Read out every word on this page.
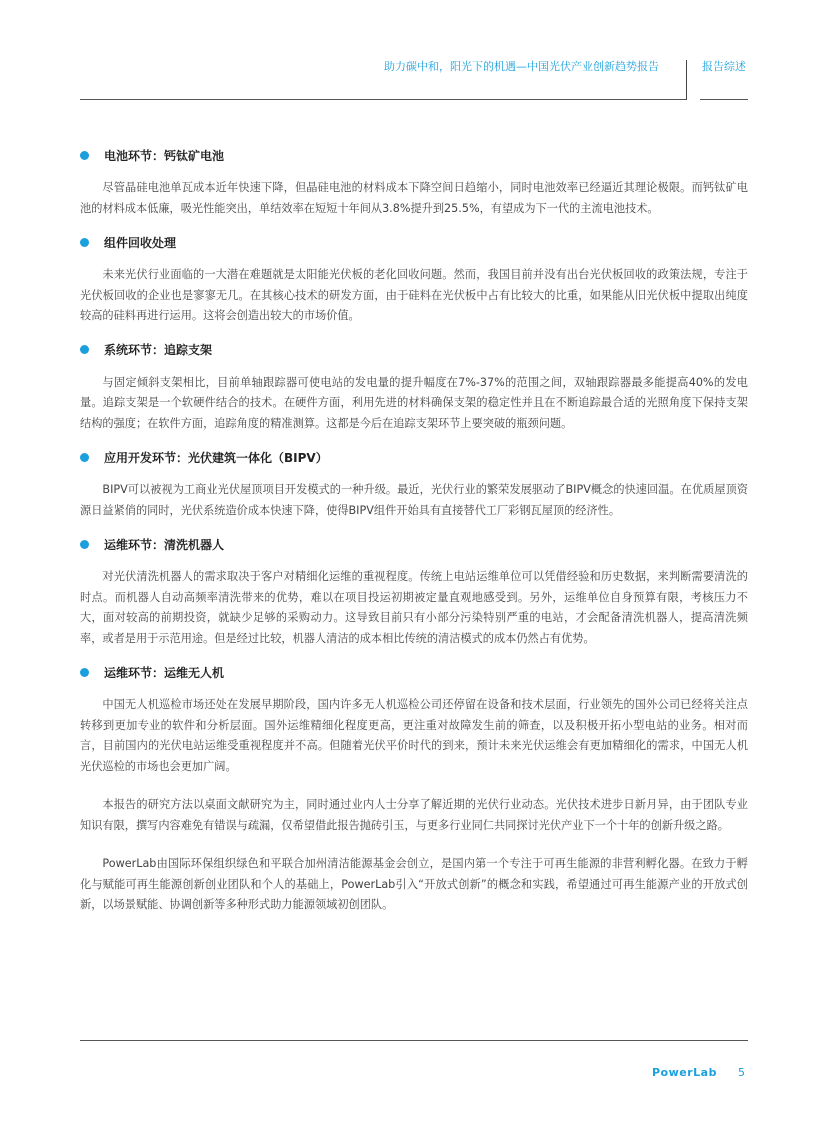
助力碳中和，阳光下的机遇—中国光伏产业创新趋势报告	报告综述
电池环节：钙钛矿电池

尽管晶硅电池单瓦成本近年快速下降，但晶硅电池的材料成本下降空间日趋缩小，同时电池效率已经逼近其理论极限。而钙钛矿电池的材料成本低廉，吸光性能突出，单结效率在短短十年间从3.8%提升到25.5%，有望成为下一代的主流电池技术。

组件回收处理

未来光伏行业面临的一大潜在难题就是太阳能光伏板的老化回收问题。然而，我国目前并没有出台光伏板回收的政策法规，专注于光伏板回收的企业也是寥寥无几。在其核心技术的研发方面，由于硅料在光伏板中占有比较大的比重，如果能从旧光伏板中提取出纯度较高的硅料再进行运用。这将会创造出较大的市场价值。

系统环节：追踪支架

与固定倾斜支架相比，目前单轴跟踪器可使电站的发电量的提升幅度在7%-37%的范围之间，双轴跟踪器最多能提高40%的发电量。追踪支架是一个软硬件结合的技术。在硬件方面，利用先进的材料确保支架的稳定性并且在不断追踪最合适的光照角度下保持支架结构的强度；在软件方面，追踪角度的精准测算。这都是今后在追踪支架环节上要突破的瓶颈问题。

应用开发环节：光伏建筑一体化（BIPV）

BIPV可以被视为工商业光伏屋顶项目开发模式的一种升级。最近，光伏行业的繁荣发展驱动了BIPV概念的快速回温。在优质屋顶资源日益紧俏的同时，光伏系统造价成本快速下降，使得BIPV组件开始具有直接替代工厂彩钢瓦屋顶的经济性。

运维环节：清洗机器人

对光伏清洗机器人的需求取决于客户对精细化运维的重视程度。传统上电站运维单位可以凭借经验和历史数据，来判断需要清洗的时点。而机器人自动高频率清洗带来的优势，难以在项目投运初期被定量直观地感受到。另外，运维单位自身预算有限，考核压力不大，面对较高的前期投资，就缺少足够的采购动力。这导致目前只有小部分污染特别严重的电站，才会配备清洗机器人，提高清洗频率，或者是用于示范用途。但是经过比较，机器人清洁的成本相比传统的清洁模式的成本仍然占有优势。

运维环节：运维无人机

中国无人机巡检市场还处在发展早期阶段，国内许多无人机巡检公司还停留在设备和技术层面，行业领先的国外公司已经将关注点转移到更加专业的软件和分析层面。国外运维精细化程度更高，更注重对故障发生前的筛查，以及积极开拓小型电站的业务。相对而言，目前国内的光伏电站运维受重视程度并不高。但随着光伏平价时代的到来，预计未来光伏运维会有更加精细化的需求，中国无人机光伏巡检的市场也会更加广阔。

本报告的研究方法以桌面文献研究为主，同时通过业内人士分享了解近期的光伏行业动态。光伏技术进步日新月异，由于团队专业知识有限，撰写内容难免有错误与疏漏，仅希望借此报告抛砖引玉，与更多行业同仁共同探讨光伏产业下一个十年的创新升级之路。

PowerLab由国际环保组织绿色和平联合加州清洁能源基金会创立，是国内第一个专注于可再生能源的非营利孵化器。在致力于孵化与赋能可再生能源创新创业团队和个人的基础上，PowerLab引入“开放式创新”的概念和实践，希望通过可再生能源产业的开放式创新，以场景赋能、协调创新等多种形式助力能源领域初创团队。

PowerLab 5
